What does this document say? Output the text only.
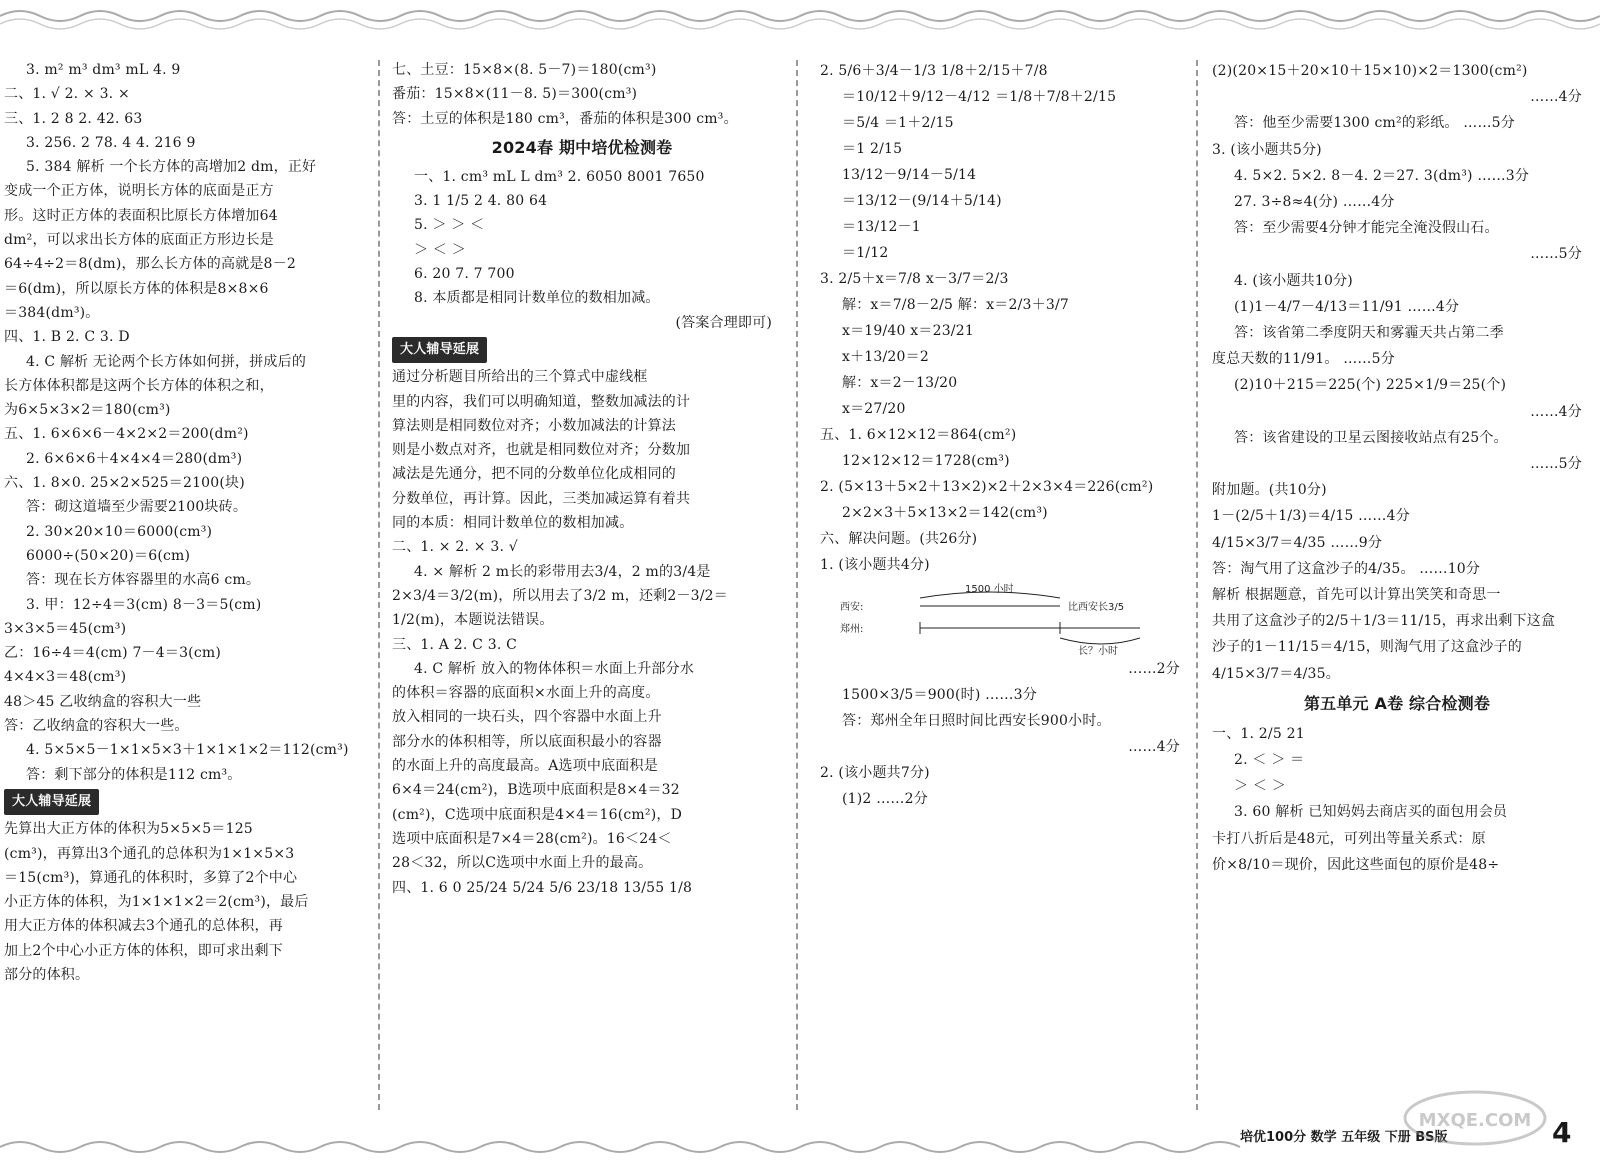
3. m² m³ dm³ mL 4. 9
二、1. √ 2. × 3. ×
三、1. 2 8 2. 42. 63
3. 256. 2 78. 4 4. 216 9
5. 384 解析 一个长方体的高增加2 dm，正好
变成一个正方体，说明长方体的底面是正方
形。这时正方体的表面积比原长方体增加64
dm²，可以求出长方体的底面正方形边长是
64÷4÷2＝8(dm)，那么长方体的高就是8－2
＝6(dm)，所以原长方体的体积是8×8×6
＝384(dm³)。
四、1. B 2. C 3. D
4. C 解析 无论两个长方体如何拼，拼成后的
长方体体积都是这两个长方体的体积之和，
为6×5×3×2＝180(cm³)
五、1. 6×6×6－4×2×2＝200(dm²)
2. 6×6×6＋4×4×4＝280(dm³)
六、1. 8×0. 25×2×525＝2100(块)
答：砌这道墙至少需要2100块砖。
2. 30×20×10＝6000(cm³)
6000÷(50×20)＝6(cm)
答：现在长方体容器里的水高6 cm。
3. 甲：12÷4＝3(cm) 8－3＝5(cm)
3×3×5＝45(cm³)
乙：16÷4＝4(cm) 7－4＝3(cm)
4×4×3＝48(cm³)
48＞45 乙收纳盒的容积大一些
答：乙收纳盒的容积大一些。
4. 5×5×5－1×1×5×3＋1×1×1×2＝112(cm³)
答：剩下部分的体积是112 cm³。
大人辅导延展
先算出大正方体的体积为5×5×5＝125
(cm³)，再算出3个通孔的总体积为1×1×5×3
＝15(cm³)，算通孔的体积时，多算了2个中心
小正方体的体积，为1×1×1×2＝2(cm³)，最后
用大正方体的体积减去3个通孔的总体积，再
加上2个中心小正方体的体积，即可求出剩下
部分的体积。
七、土豆：15×8×(8. 5－7)＝180(cm³)
番茄：15×8×(11－8. 5)＝300(cm³)
答：土豆的体积是180 cm³，番茄的体积是300 cm³。
2024春 期中培优检测卷
一、1. cm³ mL L dm³ 2. 6050 8001 7650
3. 1 1/5 2 4. 80 64
5. ＞ ＞ ＜
＞ ＜ ＞
6. 20 7. 7 700
8. 本质都是相同计数单位的数相加减。
(答案合理即可)
大人辅导延展
通过分析题目所给出的三个算式中虚线框
里的内容，我们可以明确知道，整数加减法的计
算法则是相同数位对齐；小数加减法的计算法
则是小数点对齐，也就是相同数位对齐；分数加
减法是先通分，把不同的分数单位化成相同的
分数单位，再计算。因此，三类加减运算有着共
同的本质：相同计数单位的数相加减。
二、1. × 2. × 3. √
4. × 解析 2 m长的彩带用去3/4，2 m的3/4是
2×3/4＝3/2(m)，所以用去了3/2 m，还剩2－3/2＝
1/2(m)，本题说法错误。
三、1. A 2. C 3. C
4. C 解析 放入的物体体积＝水面上升部分水
的体积＝容器的底面积×水面上升的高度。
放入相同的一块石头，四个容器中水面上升
部分水的体积相等，所以底面积最小的容器
的水面上升的高度最高。A选项中底面积是
6×4＝24(cm²)，B选项中底面积是8×4＝32
(cm²)，C选项中底面积是4×4＝16(cm²)，D
选项中底面积是7×4＝28(cm²)。16＜24＜
28＜32，所以C选项中水面上升的最高。
四、1. 6 0 25/24 5/24 5/6 23/18 13/55 1/8
2. 5/6＋3/4－1/3 1/8＋2/15＋7/8
＝10/12＋9/12－4/12 ＝1/8＋7/8＋2/15
＝5/4 ＝1＋2/15
＝1 2/15
13/12－9/14－5/14
＝13/12－(9/14＋5/14)
＝13/12－1
＝1/12
3. 2/5＋x＝7/8 x－3/7＝2/3
解：x＝7/8－2/5 解：x＝2/3＋3/7
x＝19/40 x＝23/21
x＋13/20＝2
解：x＝2－13/20
x＝27/20
五、1. 6×12×12＝864(cm²)
12×12×12＝1728(cm³)
2. (5×13＋5×2＋13×2)×2＋2×3×4＝226(cm²)
2×2×3＋5×13×2＝142(cm³)
六、解决问题。(共26分)
1. (该小题共4分)
1500 小时
西安:	比西安长3/5
郑州:
长？小时
……2分
1500×3/5＝900(时) ……3分
答：郑州全年日照时间比西安长900小时。
……4分
2. (该小题共7分)
(1)2 ……2分
(2)(20×15＋20×10＋15×10)×2＝1300(cm²)
……4分
答：他至少需要1300 cm²的彩纸。 ……5分
3. (该小题共5分)
4. 5×2. 5×2. 8－4. 2＝27. 3(dm³) ……3分
27. 3÷8≈4(分) ……4分
答：至少需要4分钟才能完全淹没假山石。
……5分
4. (该小题共10分)
(1)1－4/7－4/13＝11/91 ……4分
答：该省第二季度阴天和雾霾天共占第二季
度总天数的11/91。 ……5分
(2)10＋215＝225(个) 225×1/9＝25(个)
……4分
答：该省建设的卫星云图接收站点有25个。
……5分
附加题。(共10分)
1－(2/5＋1/3)＝4/15 ……4分
4/15×3/7＝4/35 ……9分
答：淘气用了这盒沙子的4/35。 ……10分
解析 根据题意，首先可以计算出笑笑和奇思一
共用了这盒沙子的2/5＋1/3＝11/15，再求出剩下这盒
沙子的1－11/15＝4/15，则淘气用了这盒沙子的
4/15×3/7＝4/35。
第五单元 A卷 综合检测卷
一、1. 2/5 21
2. ＜ ＞ ＝
＞ ＜ ＞
3. 60 解析 已知妈妈去商店买的面包用会员
卡打八折后是48元，可列出等量关系式：原
价×8/10＝现价，因此这些面包的原价是48÷
培优100分 数学 五年级 下册 BS版	4
MXQE.COM
